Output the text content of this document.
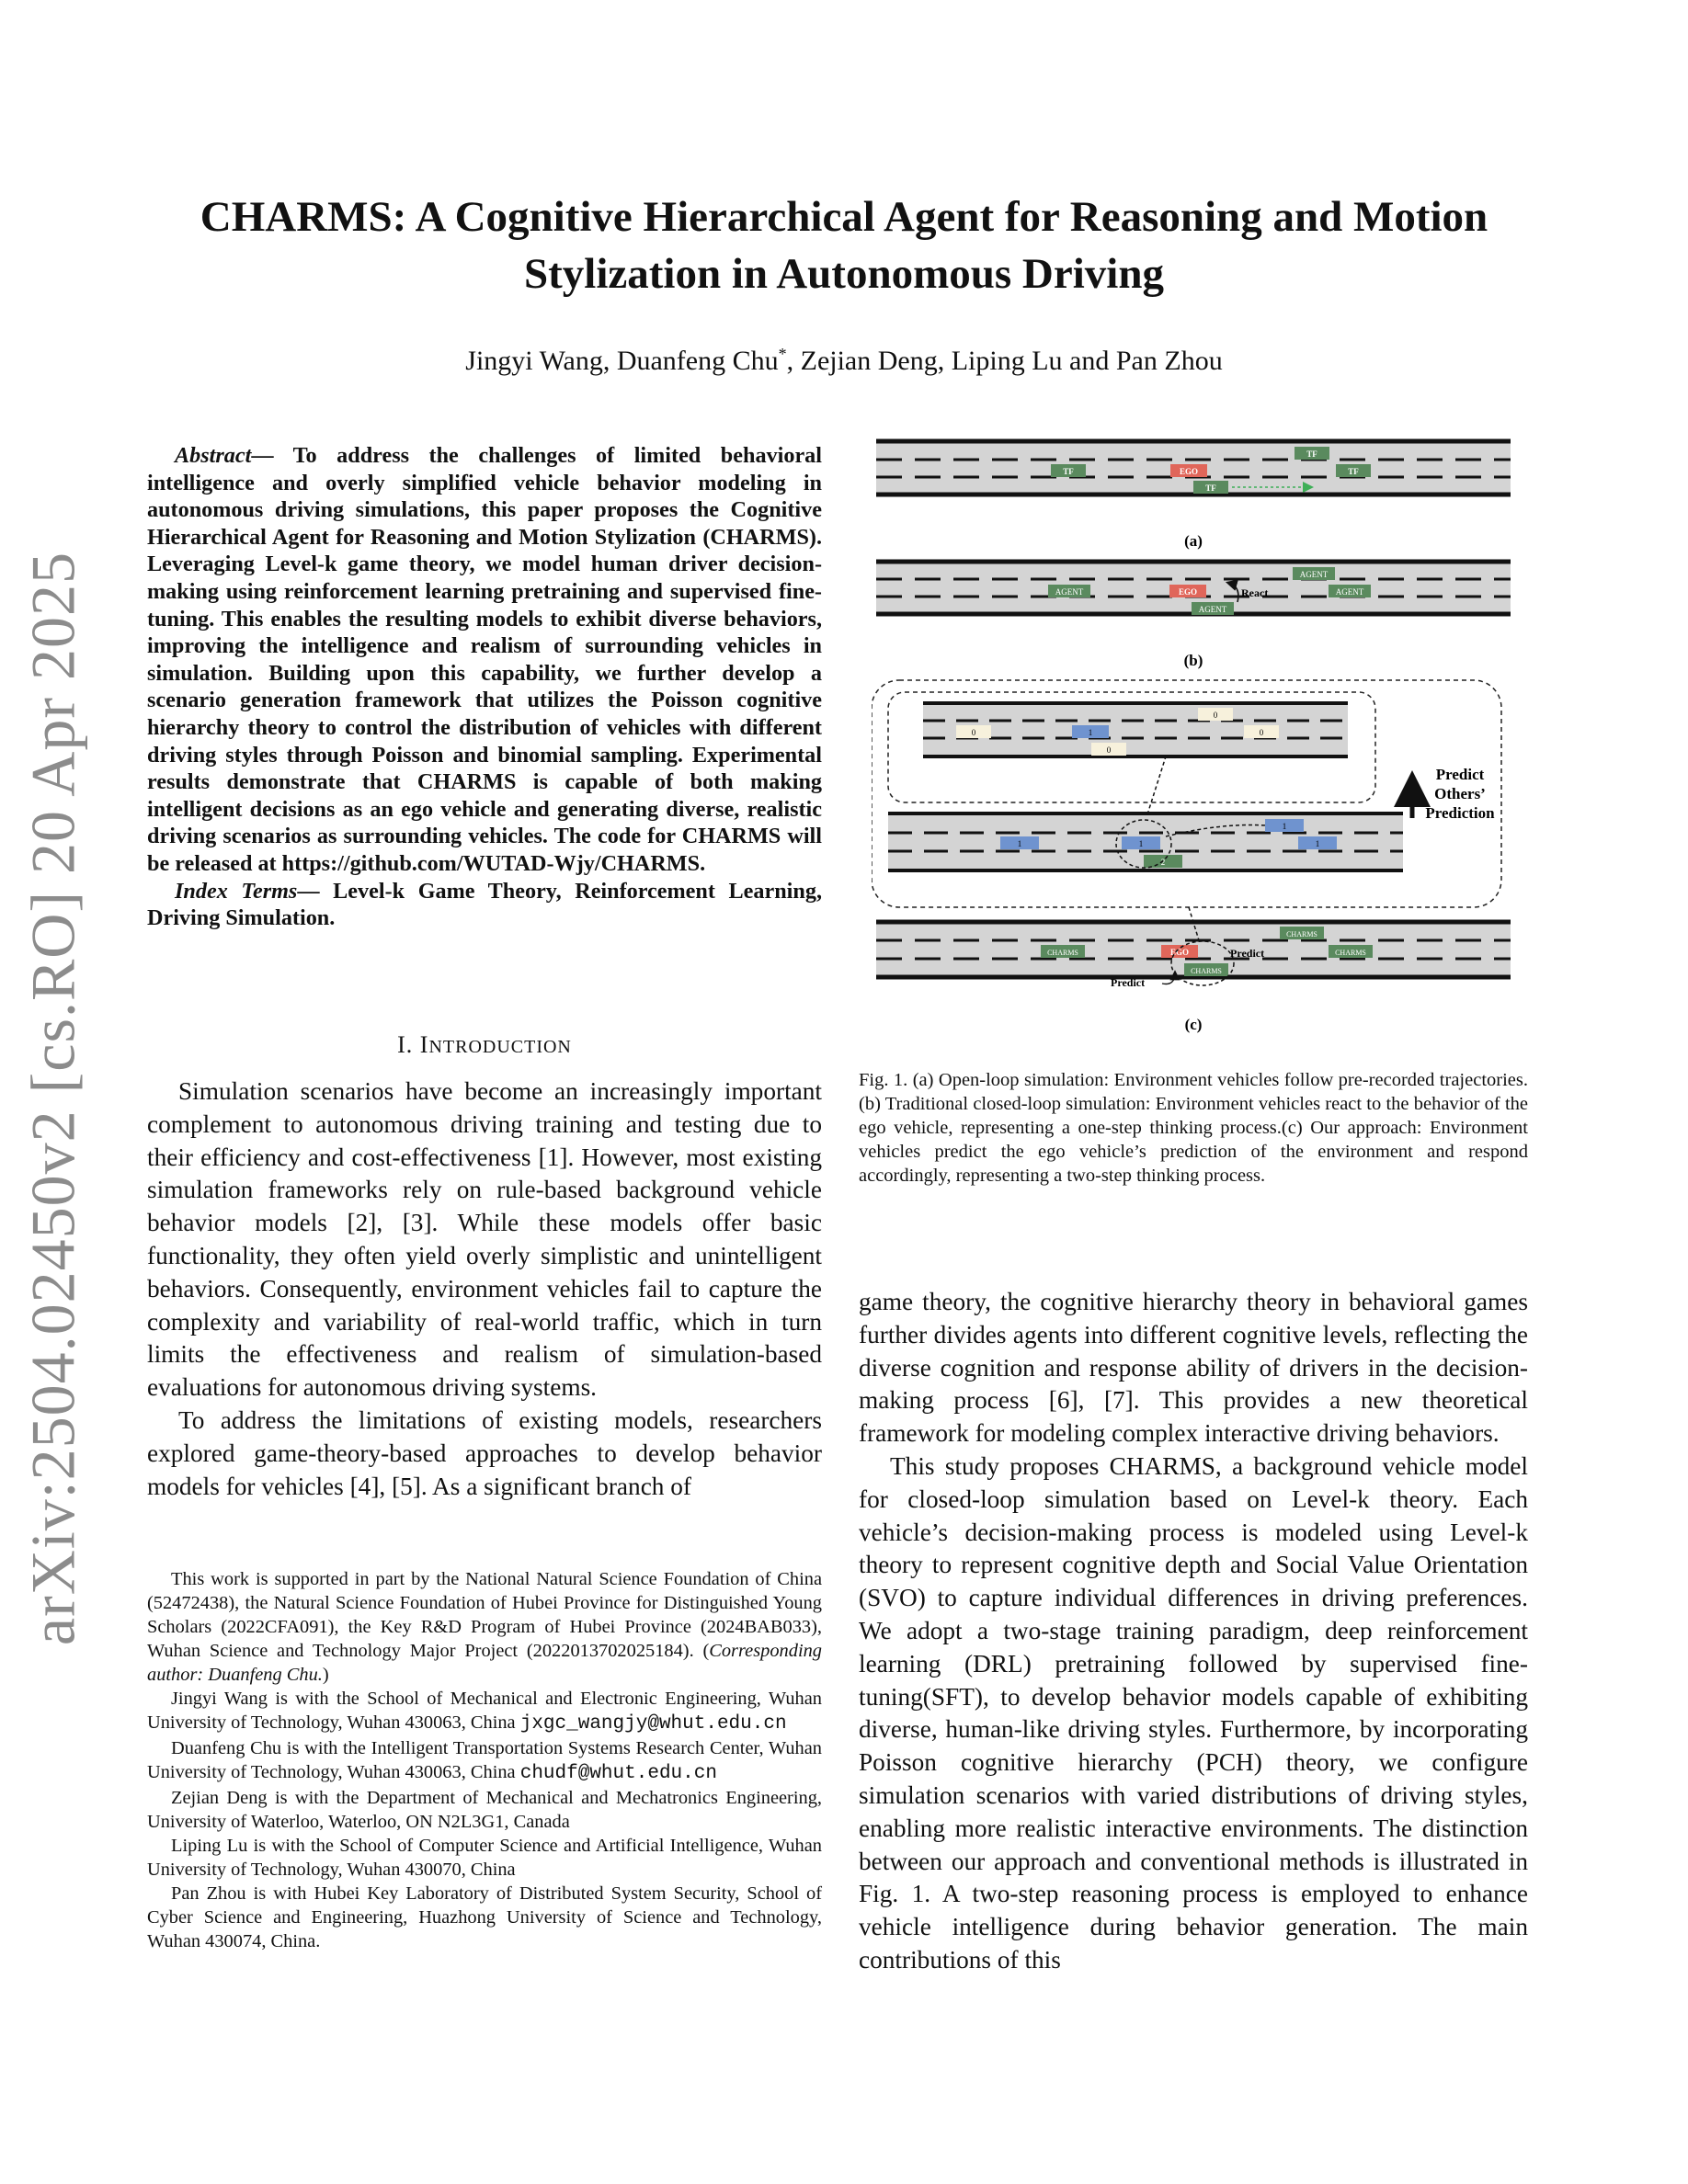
arXiv:2504.02450v2 [cs.RO] 20 Apr 2025
CHARMS: A Cognitive Hierarchical Agent for Reasoning and Motion Stylization in Autonomous Driving
Jingyi Wang, Duanfeng Chu*, Zejian Deng, Liping Lu and Pan Zhou

Abstract— To address the challenges of limited behavioral intelligence and overly simplified vehicle behavior modeling in autonomous driving simulations, this paper proposes the Cognitive Hierarchical Agent for Reasoning and Motion Stylization (CHARMS). Leveraging Level-k game theory, we model human driver decision-making using reinforcement learning pretraining and supervised fine-tuning. This enables the resulting models to exhibit diverse behaviors, improving the intelligence and realism of surrounding vehicles in simulation. Building upon this capability, we further develop a scenario generation framework that utilizes the Poisson cognitive hierarchy theory to control the distribution of vehicles with different driving styles through Poisson and binomial sampling. Experimental results demonstrate that CHARMS is capable of both making intelligent decisions as an ego vehicle and generating diverse, realistic driving scenarios as surrounding vehicles. The code for CHARMS will be released at https://github.com/WUTAD-Wjy/CHARMS.

Index Terms— Level-k Game Theory, Reinforcement Learning, Driving Simulation.

I. INTRODUCTION

Simulation scenarios have become an increasingly important complement to autonomous driving training and testing due to their efficiency and cost-effectiveness [1]. However, most existing simulation frameworks rely on rule-based background vehicle behavior models [2], [3]. While these models offer basic functionality, they often yield overly simplistic and unintelligent behaviors. Consequently, environment vehicles fail to capture the complexity and variability of real-world traffic, which in turn limits the effectiveness and realism of simulation-based evaluations for autonomous driving systems.

To address the limitations of existing models, researchers explored game-theory-based approaches to develop behavior models for vehicles [4], [5]. As a significant branch of

This work is supported in part by the National Natural Science Foundation of China (52472438), the Natural Science Foundation of Hubei Province for Distinguished Young Scholars (2022CFA091), the Key R&D Program of Hubei Province (2024BAB033), Wuhan Science and Technology Major Project (2022013702025184). (Corresponding author: Duanfeng Chu.)

Jingyi Wang is with the School of Mechanical and Electronic Engineering, Wuhan University of Technology, Wuhan 430063, China jxgc_wangjy@whut.edu.cn

Duanfeng Chu is with the Intelligent Transportation Systems Research Center, Wuhan University of Technology, Wuhan 430063, China chudf@whut.edu.cn

Zejian Deng is with the Department of Mechanical and Mechatronics Engineering, University of Waterloo, Waterloo, ON N2L3G1, Canada

Liping Lu is with the School of Computer Science and Artificial Intelligence, Wuhan University of Technology, Wuhan 430070, China

Pan Zhou is with Hubei Key Laboratory of Distributed System Security, School of Cyber Science and Engineering, Huazhong University of Science and Technology, Wuhan 430074, China.

TF
TF	EGO	TF
TF
(a)
AGENT
AGENT	EGO	AGENT
AGENT
React
(b)
0
0	1	0
0
1
1	1	1
2
Predict
Others’
Prediction
CHARMS
CHARMS	EGO	CHARMS
CHARMS
Predict
Predict
(c)
Fig. 1. (a) Open-loop simulation: Environment vehicles follow pre-recorded trajectories.(b) Traditional closed-loop simulation: Environment vehicles react to the behavior of the ego vehicle, representing a one-step thinking process.(c) Our approach: Environment vehicles predict the ego vehicle’s prediction of the environment and respond accordingly, representing a two-step thinking process.

game theory, the cognitive hierarchy theory in behavioral games further divides agents into different cognitive levels, reflecting the diverse cognition and response ability of drivers in the decision-making process [6], [7]. This provides a new theoretical framework for modeling complex interactive driving behaviors.

This study proposes CHARMS, a background vehicle model for closed-loop simulation based on Level-k theory. Each vehicle’s decision-making process is modeled using Level-k theory to represent cognitive depth and Social Value Orientation (SVO) to capture individual differences in driving preferences. We adopt a two-stage training paradigm, deep reinforcement learning (DRL) pretraining followed by supervised fine-tuning(SFT), to develop behavior models capable of exhibiting diverse, human-like driving styles. Furthermore, by incorporating Poisson cognitive hierarchy (PCH) theory, we configure simulation scenarios with varied distributions of driving styles, enabling more realistic interactive environments. The distinction between our approach and conventional methods is illustrated in Fig. 1. A two-step reasoning process is employed to enhance vehicle intelligence during behavior generation. The main contributions of this
